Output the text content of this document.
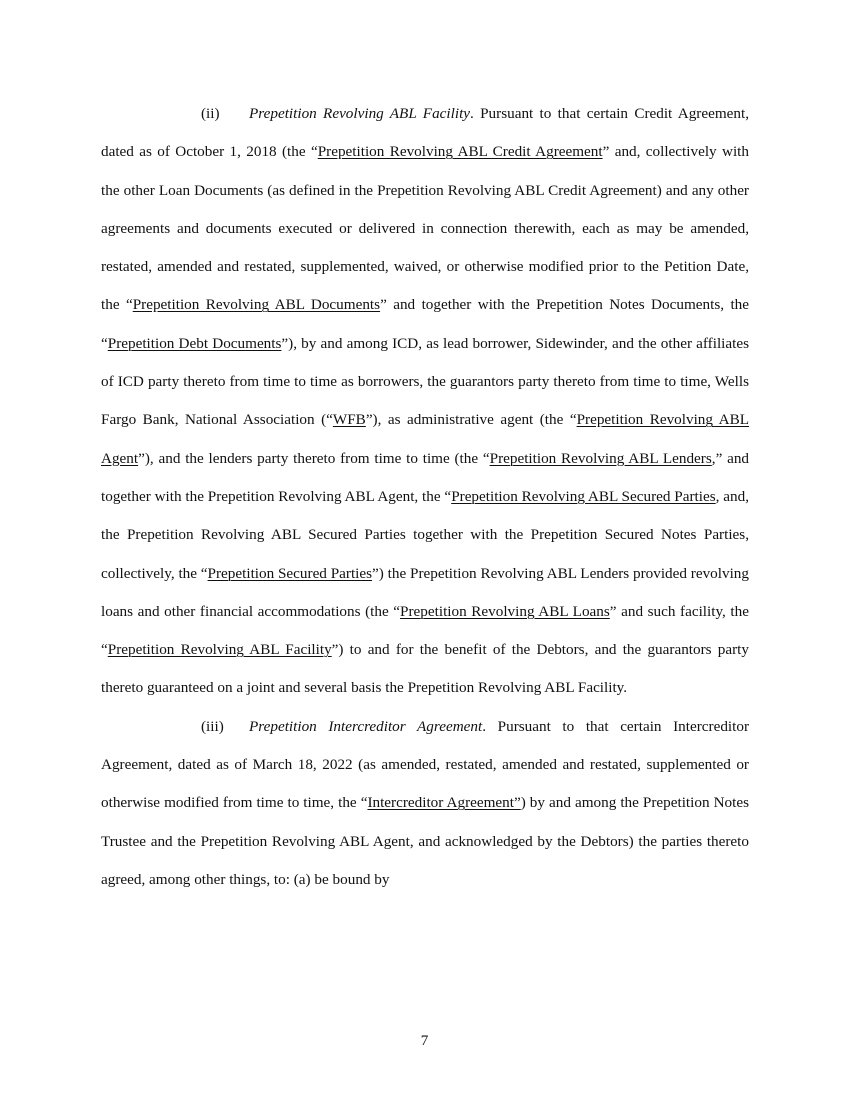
(ii) Prepetition Revolving ABL Facility. Pursuant to that certain Credit Agreement, dated as of October 1, 2018 (the “Prepetition Revolving ABL Credit Agreement” and, collectively with the other Loan Documents (as defined in the Prepetition Revolving ABL Credit Agreement) and any other agreements and documents executed or delivered in connection therewith, each as may be amended, restated, amended and restated, supplemented, waived, or otherwise modified prior to the Petition Date, the “Prepetition Revolving ABL Documents” and together with the Prepetition Notes Documents, the “Prepetition Debt Documents”), by and among ICD, as lead borrower, Sidewinder, and the other affiliates of ICD party thereto from time to time as borrowers, the guarantors party thereto from time to time, Wells Fargo Bank, National Association (“WFB”), as administrative agent (the “Prepetition Revolving ABL Agent”), and the lenders party thereto from time to time (the “Prepetition Revolving ABL Lenders,” and together with the Prepetition Revolving ABL Agent, the “Prepetition Revolving ABL Secured Parties, and, the Prepetition Revolving ABL Secured Parties together with the Prepetition Secured Notes Parties, collectively, the “Prepetition Secured Parties”) the Prepetition Revolving ABL Lenders provided revolving loans and other financial accommodations (the “Prepetition Revolving ABL Loans” and such facility, the “Prepetition Revolving ABL Facility”) to and for the benefit of the Debtors, and the guarantors party thereto guaranteed on a joint and several basis the Prepetition Revolving ABL Facility.

(iii) Prepetition Intercreditor Agreement. Pursuant to that certain Intercreditor Agreement, dated as of March 18, 2022 (as amended, restated, amended and restated, supplemented or otherwise modified from time to time, the “Intercreditor Agreement”) by and among the Prepetition Notes Trustee and the Prepetition Revolving ABL Agent, and acknowledged by the Debtors) the parties thereto agreed, among other things, to: (a) be bound by

7
